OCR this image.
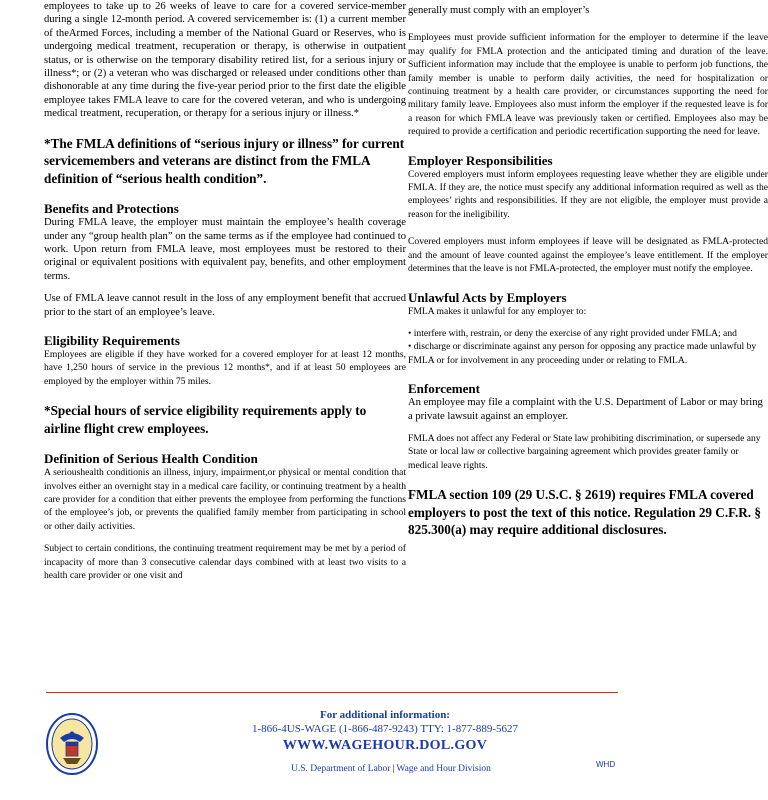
employees to take up to 26 weeks of leave to care for a covered service-member during a single 12-month period. A covered servicemember is: (1) a current member of theArmed Forces, including a member of the National Guard or Reserves, who is undergoing medical treatment, recuperation or therapy, is otherwise in outpatient status, or is otherwise on the temporary disability retired list, for a serious injury or illness*; or (2) a veteran who was discharged or released under conditions other than dishonorable at any time during the five-year period prior to the first date the eligible employee takes FMLA leave to care for the covered veteran, and who is undergoing medical treatment, recuperation, or therapy for a serious injury or illness.*

*The FMLA definitions of “serious injury or illness” for current servicemembers and veterans are distinct from the FMLA definition of “serious health condition”.

Benefits and Protections

During FMLA leave, the employer must maintain the employee’s health coverage under any “group health plan” on the same terms as if the employee had continued to work. Upon return from FMLA leave, most employees must be restored to their original or equivalent positions with equivalent pay, benefits, and other employment terms.

Use of FMLA leave cannot result in the loss of any employment benefit that accrued prior to the start of an employee’s leave.

Eligibility Requirements

Employees are eligible if they have worked for a covered employer for at least 12 months, have 1,250 hours of service in the previous 12 months*, and if at least 50 employees are employed by the employer within 75 miles.

*Special hours of service eligibility requirements apply to airline flight crew employees.

Definition of Serious Health Condition

A serioushealth conditionis an illness, injury, impairment,or physical or mental condition that involves either an overnight stay in a medical care facility, or continuing treatment by a health care provider for a condition that either prevents the employee from performing the functions of the employee’s job, or prevents the qualified family member from participating in school or other daily activities.

Subject to certain conditions, the continuing treatment requirement may be met by a period of incapacity of more than 3 consecutive calendar days combined with at least two visits to a health care provider or one visit and

generally must comply with an employer’s

Employees must provide sufficient information for the employer to determine if the leave may qualify for FMLA protection and the anticipated timing and duration of the leave. Sufficient information may include that the employee is unable to perform job functions, the family member is unable to perform daily activities, the need for hospitalization or continuing treatment by a health care provider, or circumstances supporting the need for military family leave. Employees also must inform the employer if the requested leave is for a reason for which FMLA leave was previously taken or certified. Employees also may be required to provide a certification and periodic recertification supporting the need for leave.

Employer Responsibilities

Covered employers must inform employees requesting leave whether they are eligible under FMLA. If they are, the notice must specify any additional information required as well as the employees’ rights and responsibilities. If they are not eligible, the employer must provide a reason for the ineligibility.

Covered employers must inform employees if leave will be designated as FMLA-protected and the amount of leave counted against the employee’s leave entitlement. If the employer determines that the leave is not FMLA-protected, the employer must notify the employee.

Unlawful Acts by Employers

FMLA makes it unlawful for any employer to:

• interfere with, restrain, or deny the exercise of any right provided under FMLA; and

• discharge or discriminate against any person for opposing any practice made unlawful by FMLA or for involvement in any proceeding under or relating to FMLA.

Enforcement

An employee may file a complaint with the U.S. Department of Labor or may bring a private lawsuit against an employer.

FMLA does not affect any Federal or State law prohibiting discrimination, or supersede any State or local law or collective bargaining agreement which provides greater family or medical leave rights.

FMLA section 109 (29 U.S.C. § 2619) requires FMLA covered employers to post the text of this notice. Regulation 29 C.F.R. § 825.300(a) may require additional disclosures.

For additional information:
1-866-4US-WAGE (1-866-487-9243) TTY: 1-877-889-5627
WWW.WAGEHOUR.DOL.GOV
U.S. Department of Labor | Wage and Hour Division	WHD
